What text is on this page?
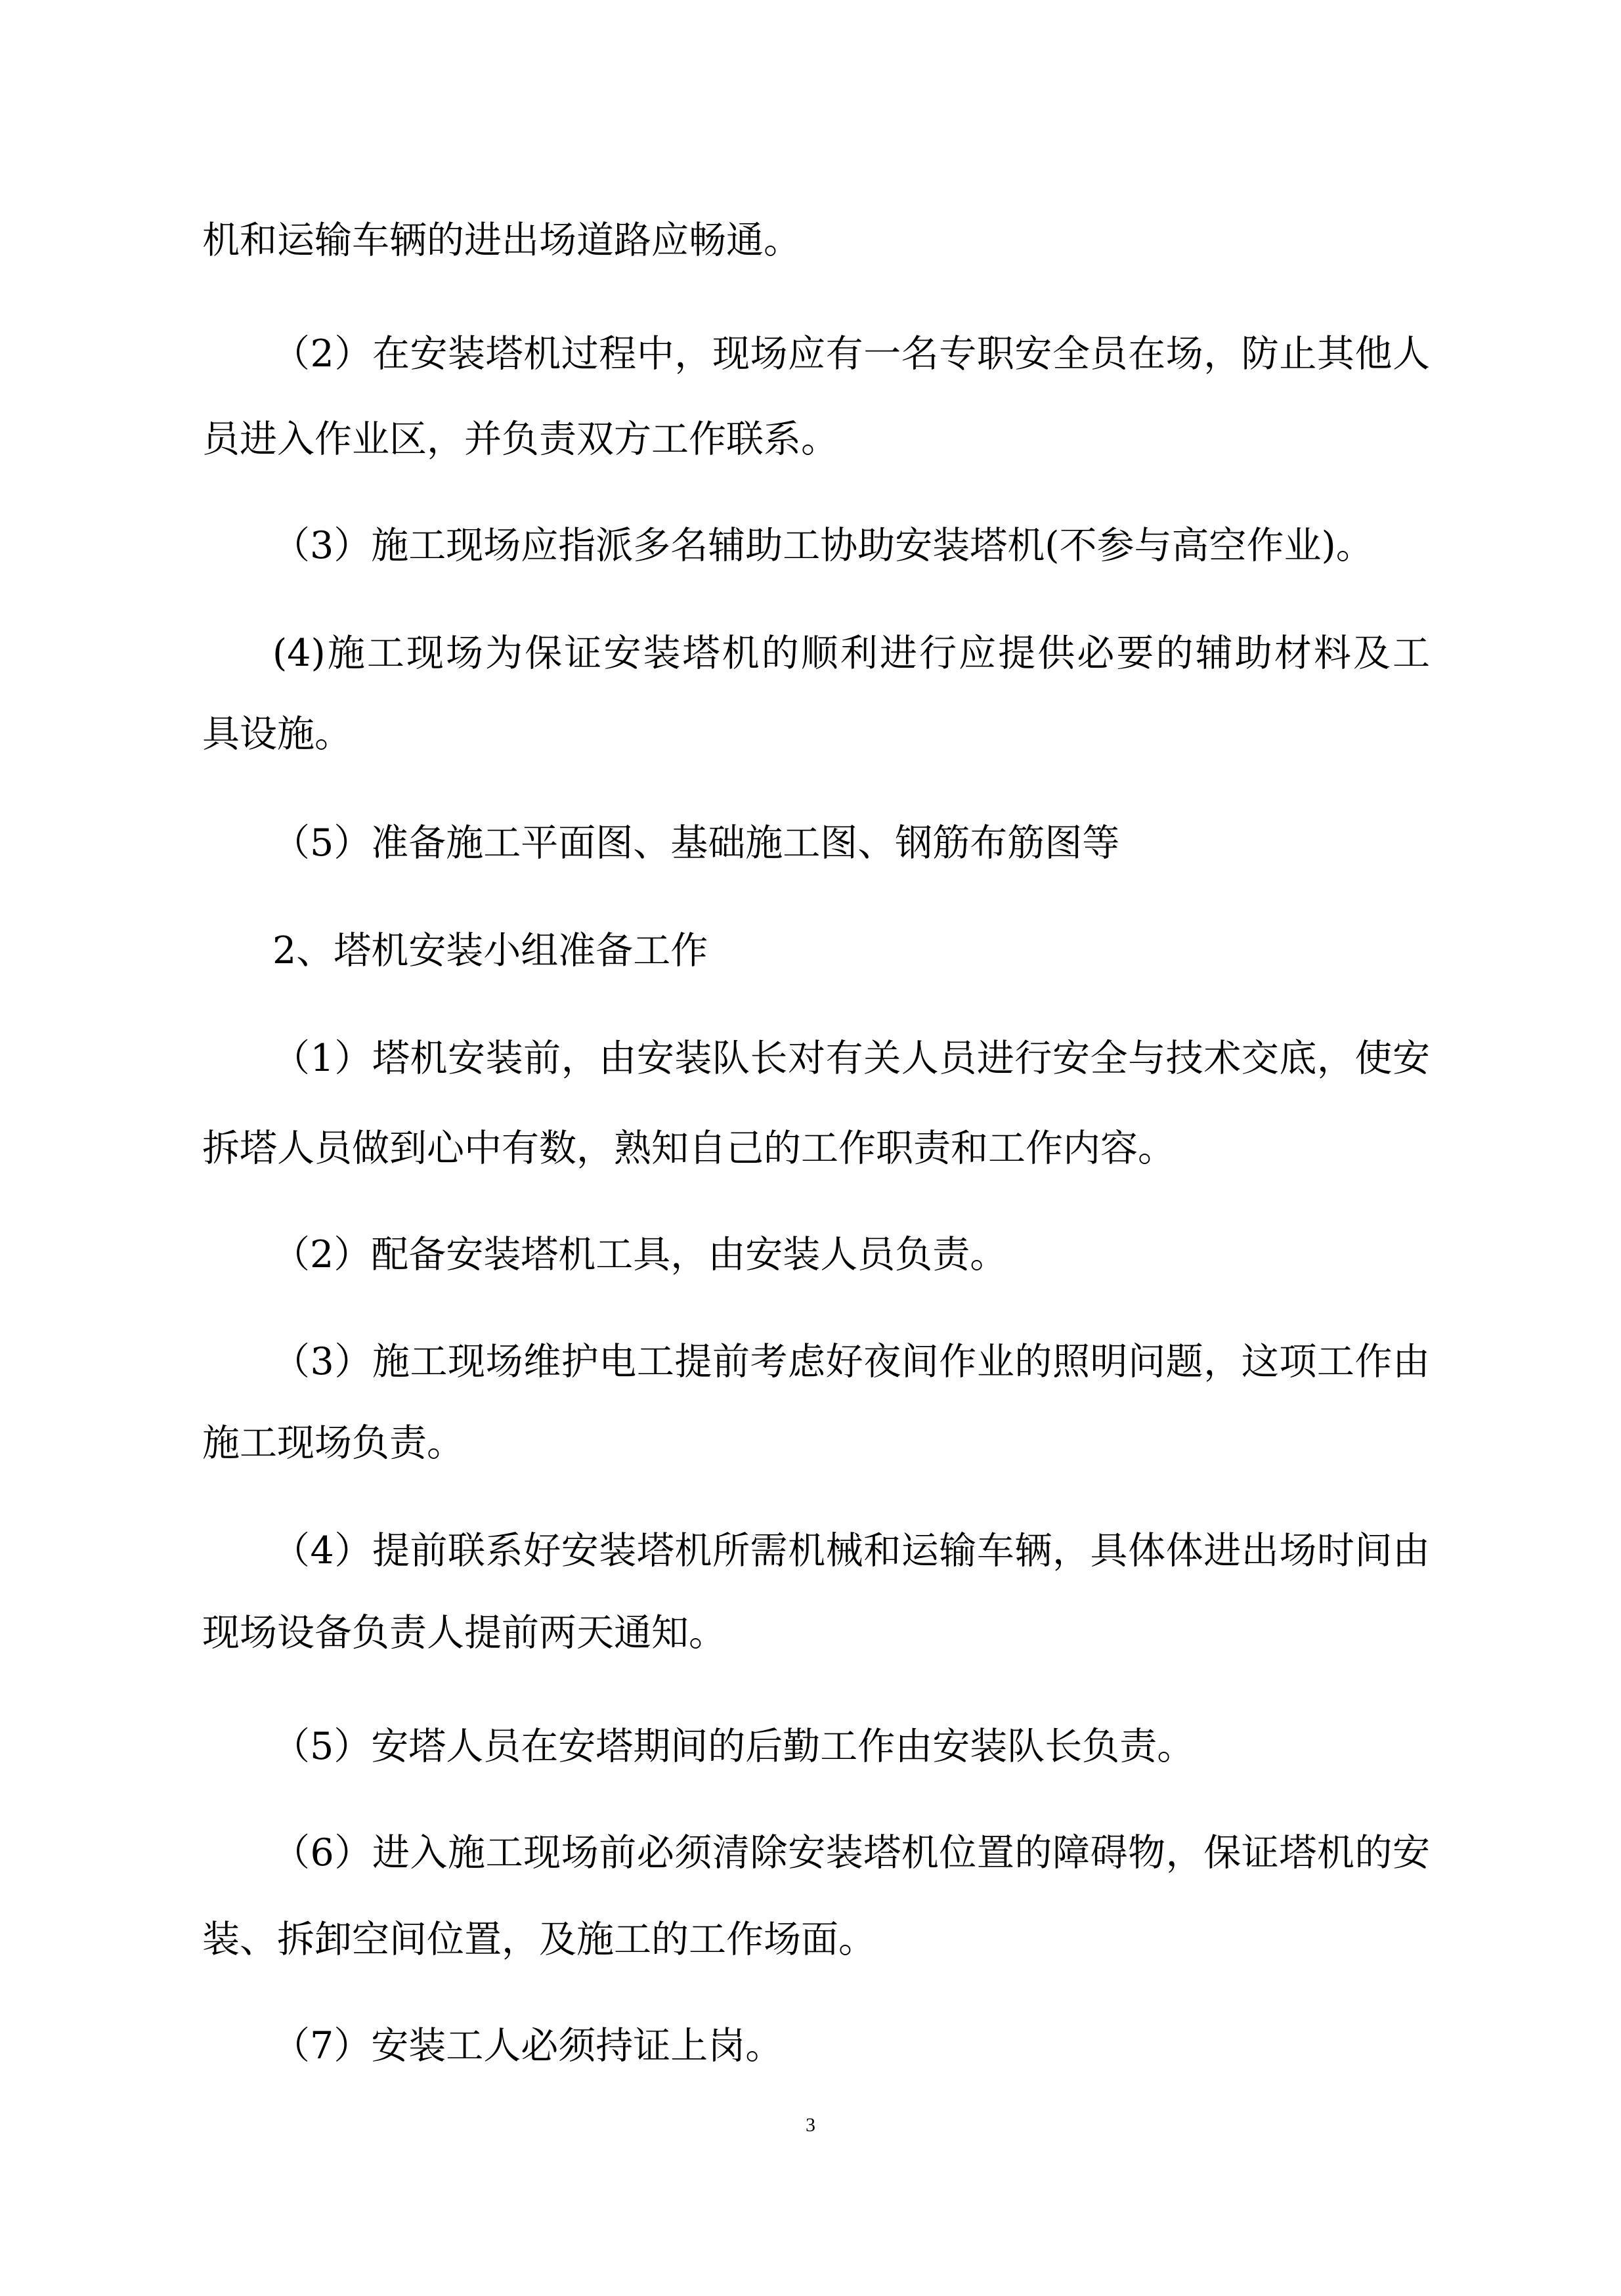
机和运输车辆的进出场道路应畅通。
（2）在安装塔机过程中，现场应有一名专职安全员在场，防止其他人
员进入作业区，并负责双方工作联系。
（3）施工现场应指派多名辅助工协助安装塔机(不参与高空作业)。
(4)施工现场为保证安装塔机的顺利进行应提供必要的辅助材料及工
具设施。
（5）准备施工平面图、基础施工图、钢筋布筋图等
2、塔机安装小组准备工作
（1）塔机安装前，由安装队长对有关人员进行安全与技术交底，使安
拆塔人员做到心中有数，熟知自己的工作职责和工作内容。
（2）配备安装塔机工具，由安装人员负责。
（3）施工现场维护电工提前考虑好夜间作业的照明问题，这项工作由
施工现场负责。
（4）提前联系好安装塔机所需机械和运输车辆，具体体进出场时间由
现场设备负责人提前两天通知。
（5）安塔人员在安塔期间的后勤工作由安装队长负责。
（6）进入施工现场前必须清除安装塔机位置的障碍物，保证塔机的安
装、拆卸空间位置，及施工的工作场面。
（7）安装工人必须持证上岗。
3
